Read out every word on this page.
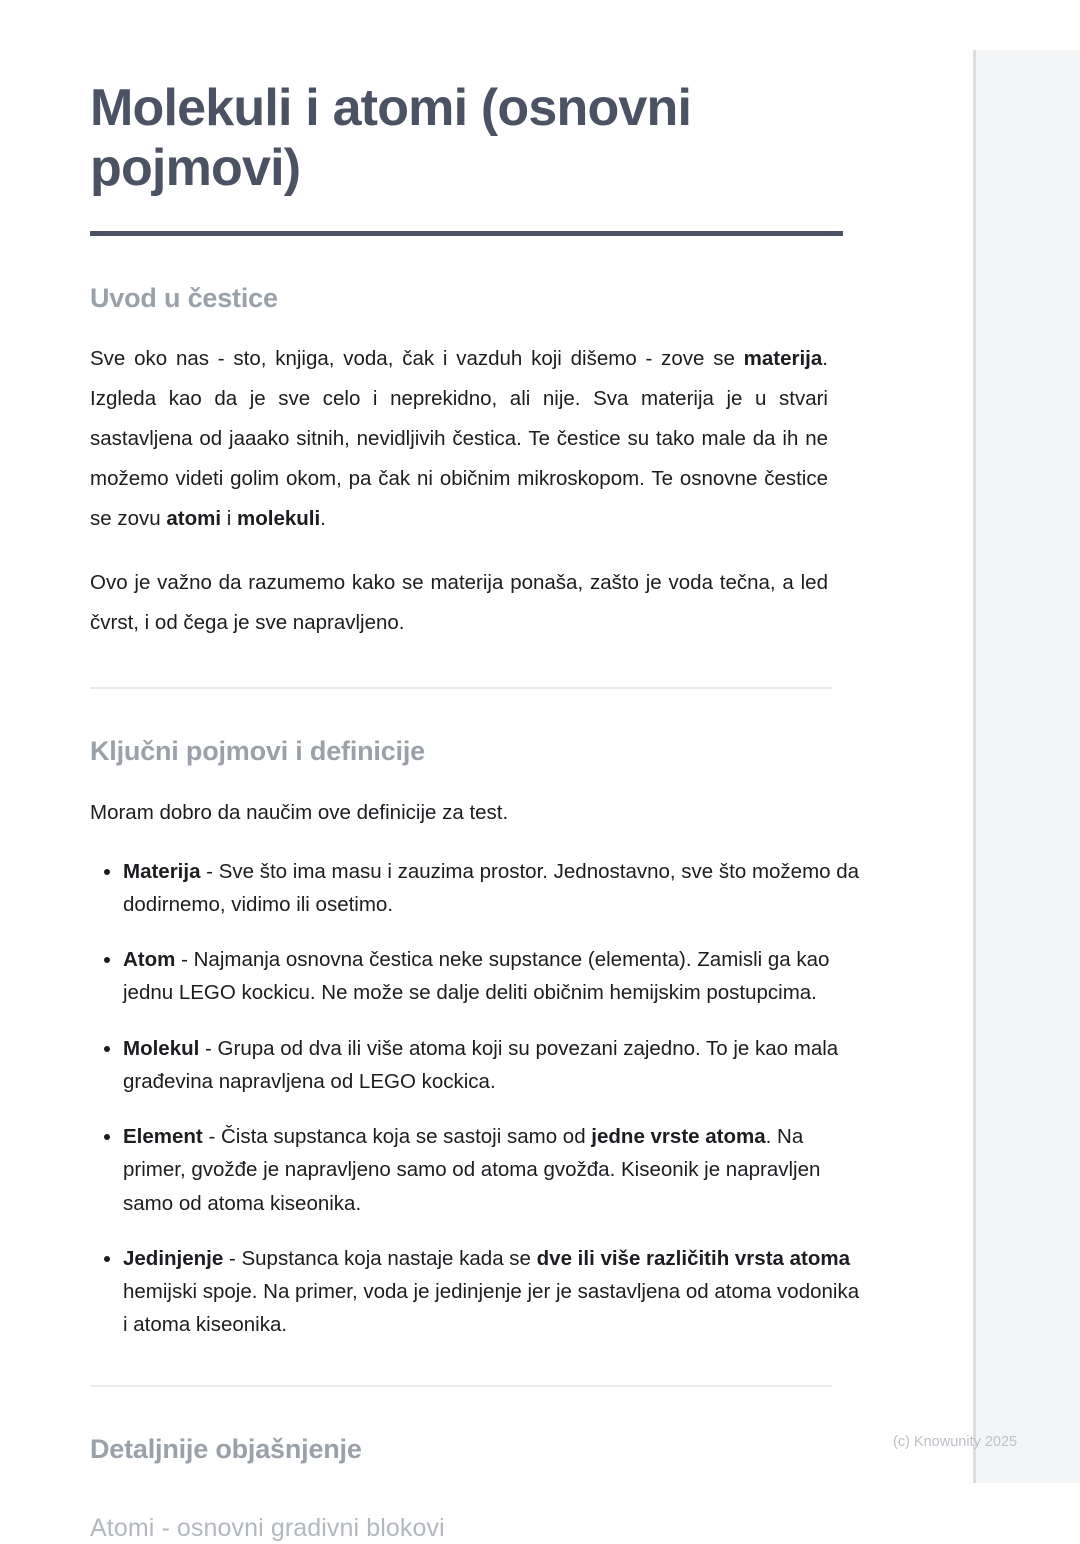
Molekuli i atomi (osnovni pojmovi)
Uvod u čestice

Sve oko nas - sto, knjiga, voda, čak i vazduh koji dišemo - zove se materija. Izgleda kao da je sve celo i neprekidno, ali nije. Sva materija je u stvari sastavljena od jaaako sitnih, nevidljivih čestica. Te čestice su tako male da ih ne možemo videti golim okom, pa čak ni običnim mikroskopom. Te osnovne čestice se zovu atomi i molekuli.

Ovo je važno da razumemo kako se materija ponaša, zašto je voda tečna, a led čvrst, i od čega je sve napravljeno.

Ključni pojmovi i definicije

Moram dobro da naučim ove definicije za test.

Materija - Sve što ima masu i zauzima prostor. Jednostavno, sve što možemo da dodirnemo, vidimo ili osetimo.
Atom - Najmanja osnovna čestica neke supstance (elementa). Zamisli ga kao jednu LEGO kockicu. Ne može se dalje deliti običnim hemijskim postupcima.
Molekul - Grupa od dva ili više atoma koji su povezani zajedno. To je kao mala građevina napravljena od LEGO kockica.
Element - Čista supstanca koja se sastoji samo od jedne vrste atoma. Na primer, gvožđe je napravljeno samo od atoma gvožđa. Kiseonik je napravljen samo od atoma kiseonika.
Jedinjenje - Supstanca koja nastaje kada se dve ili više različitih vrsta atoma hemijski spoje. Na primer, voda je jedinjenje jer je sastavljena od atoma vodonika i atoma kiseonika.
Detaljnije objašnjenje
Atomi - osnovni gradivni blokovi
(c) Knowunity 2025
